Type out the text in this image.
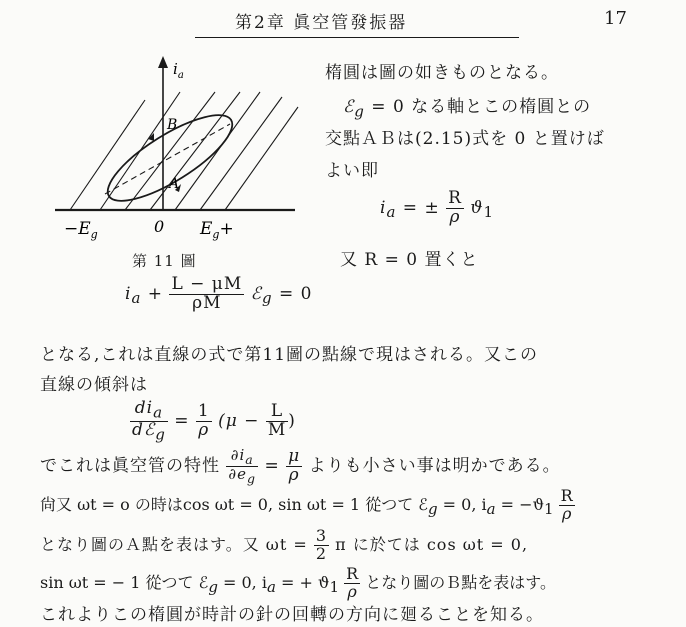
第2章 眞空管發振器	17
$i_a$
B
A
$-E_g$	0 $E_g+$
第 11 圖
$i_a + \frac{L - \mu M}{\rho M}$ ℰ$_g$ = 0
楕圓は圖の如きものとなる。
ℰ$_g$ = 0 なる軸とこの楕圓との
交點ＡＢは(2.15)式を 0 と置けば
よい即
$i_a$ = ± $\frac{R}{\rho} ϑ_1$
又 R = 0 置くと
となる,これは直線の式で第11圖の點線で現はされる。又この
直線の傾斜は
$\frac{di_a}{dℰ_g} = \frac{1}{\rho} (\mu - \frac{L}{M}$ )
でこれは眞空管の特性 $\frac{\partial i_a}{\partial e_g} = \frac{\mu}{\rho}$ よりも小さい事は明かである。
尙又 ωt = o の時はcos ωt = 0, sin ωt = 1 從つて ℰ$_g$ = 0, $i_a = -ϑ_1 \frac{R}{\rho}$
となり圖のＡ點を表はす。又 $\omega t = \frac{3}{2}$ π に於ては cos ωt = 0,
sin ωt = − 1 從つて ℰ$_g$ = 0, $i_a$ = + $ϑ_1 \frac{R}{\rho}$ となり圖のＢ點を表はす。
これよりこの楕圓が時計の針の回轉の方向に廻ることを知る。
